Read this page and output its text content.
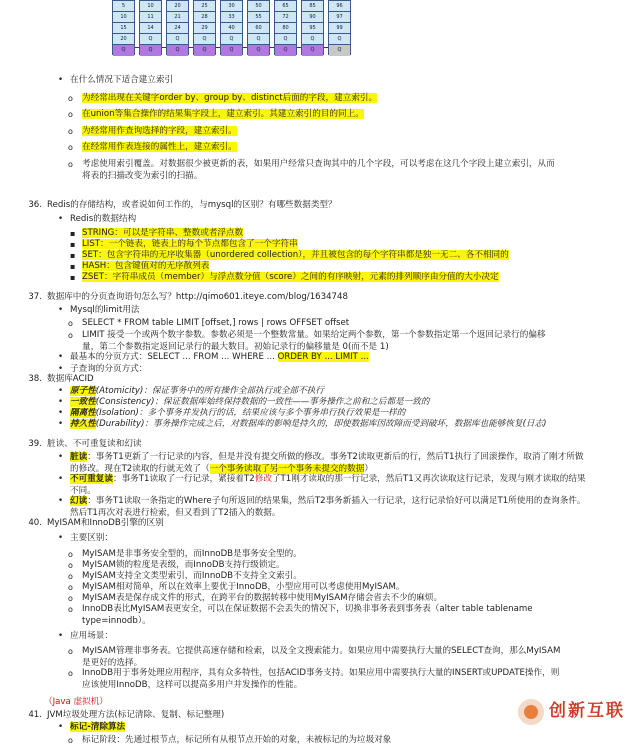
5
10
15
20
Q
10
11
14
Q
Q
20
21
24
Q
Q
25
28
29
Q
Q
30
33
40
Q
Q
50
55
60
Q
Q
65
72
80
Q
Q
85
90
95
Q
Q
96
97
99
Q
Q
• 在什么情况下适合建立索引
o 为经常出现在关键字order by、group by、distinct后面的字段，建立索引。
o 在union等集合操作的结果集字段上，建立索引。其建立索引的目的同上。
o 为经常用作查询选择的字段，建立索引。
o 在经常用作表连接的属性上，建立索引。
o 考虑使用索引覆盖。对数据很少被更新的表，如果用户经常只查询其中的几个字段，可以考虑在这几个字段上建立索引，从而将表的扫描改变为索引的扫描。
36. Redis的存储结构，或者说如何工作的，与mysql的区别？有哪些数据类型？
• Redis的数据结构
▪ STRING：可以是字符串、整数或者浮点数
▪ LIST：一个链表，链表上的每个节点都包含了一个字符串
▪ SET：包含字符串的无序收集器（unordered collection），并且被包含的每个字符串都是独一无二、各不相同的
▪ HASH：包含键值对的无序散列表
▪ ZSET：字符串成员（member）与浮点数分值（score）之间的有序映射，元素的排列顺序由分值的大小决定
37. 数据库中的分页查询语句怎么写？http://qimo601.iteye.com/blog/1634748
• Mysql的limit用法
o SELECT * FROM table LIMIT [offset,] rows | rows OFFSET offset
o LIMIT 接受一个或两个数字参数。参数必须是一个整数常量。如果给定两个参数，第一个参数指定第一个返回记录行的偏移量，第二个参数指定返回记录行的最大数目。初始记录行的偏移量是 0(而不是 1)
• 最基本的分页方式：SELECT ... FROM ... WHERE ... ORDER BY ... LIMIT ...
• 子查询的分页方式：
38. 数据库ACID
• 原子性(Atomicity)：保证事务中的所有操作全部执行或全部不执行
• 一致性(Consistency)：保证数据库始终保持数据的一致性——事务操作之前和之后都是一致的
• 隔离性(Isolation)：多个事务并发执行的话，结果应该与多个事务串行执行效果是一样的
• 持久性(Durability)：事务操作完成之后，对数据库的影响是持久的，即使数据库因故障而受到破坏，数据库也能够恢复(日志)
39. 脏读、不可重复读和幻读
• 脏读：事务T1更新了一行记录的内容，但是并没有提交所做的修改。事务T2读取更新后的行，然后T1执行了回滚操作，取消了刚才所做的修改。现在T2读取的行就无效了（一个事务读取了另一个事务未提交的数据）
• 不可重复读：事务T1读取了一行记录，紧接着T2修改了T1刚才读取的那一行记录，然后T1又再次读取这行记录，发现与刚才读取的结果不同。
• 幻读：事务T1读取一条指定的Where子句所返回的结果集，然后T2事务新插入一行记录，这行记录恰好可以满足T1所使用的查询条件。然后T1再次对表进行检索，但又看到了T2插入的数据。
40. MyISAM和InnoDB引擎的区别
• 主要区别：
o MyISAM是非事务安全型的，而InnoDB是事务安全型的。
o MyISAM锁的粒度是表级，而InnoDB支持行级锁定。
o MyISAM支持全文类型索引，而InnoDB不支持全文索引。
o MyISAM相对简单，所以在效率上要优于InnoDB，小型应用可以考虑使用MyISAM。
o MyISAM表是保存成文件的形式，在跨平台的数据转移中使用MyISAM存储会省去不少的麻烦。
o InnoDB表比MyISAM表更安全，可以在保证数据不会丢失的情况下，切换非事务表到事务表（alter table tablename type=innodb）。
• 应用场景：
o MyISAM管理非事务表。它提供高速存储和检索，以及全文搜索能力。如果应用中需要执行大量的SELECT查询，那么MyISAM是更好的选择。
o InnoDB用于事务处理应用程序，具有众多特性，包括ACID事务支持。如果应用中需要执行大量的INSERT或UPDATE操作，则应该使用InnoDB，这样可以提高多用户并发操作的性能。
（Java 虚拟机）
41. JVM垃圾处理方法(标记清除、复制、标记整理)
• 标记-清除算法
o 标记阶段：先通过根节点，标记所有从根节点开始的对象，未被标记的为垃圾对象
创新互联
